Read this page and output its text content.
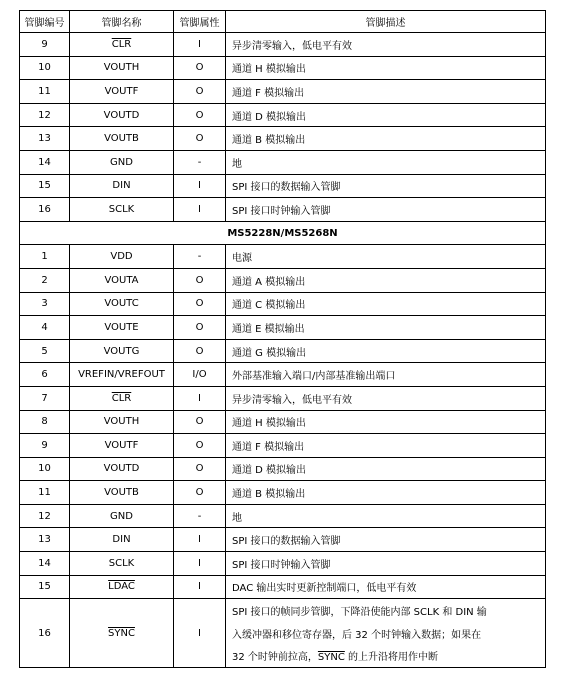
管脚编号	管脚名称	管脚属性	管脚描述
9	$\overline{CLR}$	I	异步清零输入，低电平有效
10	VOUTH	O	通道 H 模拟输出
11	VOUTF	O	通道 F 模拟输出
12	VOUTD	O	通道 D 模拟输出
13	VOUTB	O	通道 B 模拟输出
14	GND	-	地
15	DIN	I	SPI 接口的数据输入管脚
16	SCLK	I	SPI 接口时钟输入管脚
MS5228N/MS5268N			
1	VDD	-	电源
2	VOUTA	O	通道 A 模拟输出
3	VOUTC	O	通道 C 模拟输出
4	VOUTE	O	通道 E 模拟输出
5	VOUTG	O	通道 G 模拟输出
6	VREFIN/VREFOUT	I/O	外部基准输入端口/内部基准输出端口
7	$\overline{CLR}$	I	异步清零输入，低电平有效
8	VOUTH	O	通道 H 模拟输出
9	VOUTF	O	通道 F 模拟输出
10	VOUTD	O	通道 D 模拟输出
11	VOUTB	O	通道 B 模拟输出
12	GND	-	地
13	DIN	I	SPI 接口的数据输入管脚
14	SCLK	I	SPI 接口时钟输入管脚
15	LDAC	I	DAC 输出实时更新控制端口，低电平有效
16	SYNC	I	SPI 接口的帧同步管脚，下降沿使能内部 SCLK 和 DIN 输
			入缓冲器和移位寄存器，后 32 个时钟输入数据；如果在
			32 个时钟前拉高，SYNC 的上升沿将用作中断
